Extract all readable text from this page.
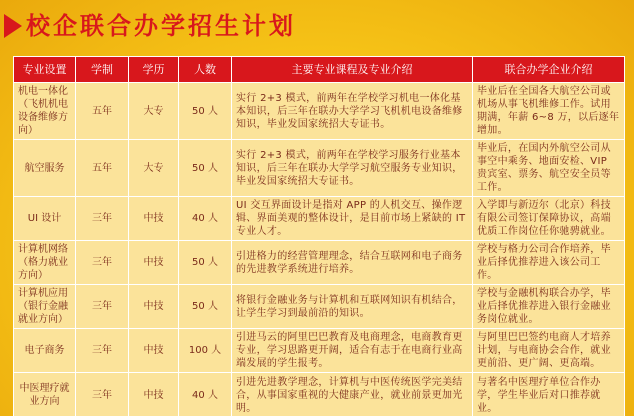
校企联合办学招生计划
专业设置	学制	学历	人数	主要专业课程及专业介绍	联合办学企业介绍
机电一体化（飞机机电设备维修方向）	五年	大专	50 人	实行 2+3 模式，前两年在学校学习机电一体化基本知识，后三年在联办大学学习飞机机电设备维修知识，毕业发国家统招大专证书。	毕业后在全国各大航空公司或机场从事飞机维修工作。试用期满，年薪 6~8 万，以后逐年增加。
航空服务	五年	大专	50 人	实行 2+3 模式，前两年在学校学习服务行业基本知识，后三年在联办大学学习航空服务专业知识，毕业发国家统招大专证书。	毕业后，在国内外航空公司从事空中乘务、地面安检、VIP 贵宾室、票务、航空安全员等工作。
UI 设计	三年	中技	40 人	UI 交互界面设计是指对 APP 的人机交互、操作逻辑、界面美观的整体设计，是目前市场上紧缺的 IT 专业人才。	入学即与新迈尔（北京）科技有限公司签订保障协议，高端优质工作岗位任你驰骋就业。
计算机网络（格力就业方向）	三年	中技	50 人	引进格力的经营管理理念，结合互联网和电子商务的先进教学系统进行培养。	学校与格力公司合作培养，毕业后择优推荐进入该公司工作。
计算机应用（银行金融就业方向）	三年	中技	50 人	将银行金融业务与计算机和互联网知识有机结合，让学生学习到最前沿的知识。	学校与金融机构联合办学，毕业后择优推荐进入银行金融业务岗位就业。
电子商务	三年	中技	100 人	引进马云的阿里巴巴教育及电商理念，电商教育更专业，学习思路更开阔，适合有志于在电商行业高端发展的学生报考。	与阿里巴巴签约电商人才培养计划，与电商协会合作，就业更前沿、更广阔、更高端。
中医理疗就业方向	三年	中技	40 人	引进先进教学理念，计算机与中医传统医学完美结合，从事国家重视的大健康产业，就业前景更加光明。	与著名中医理疗单位合作办学，学生毕业后对口推荐就业。
